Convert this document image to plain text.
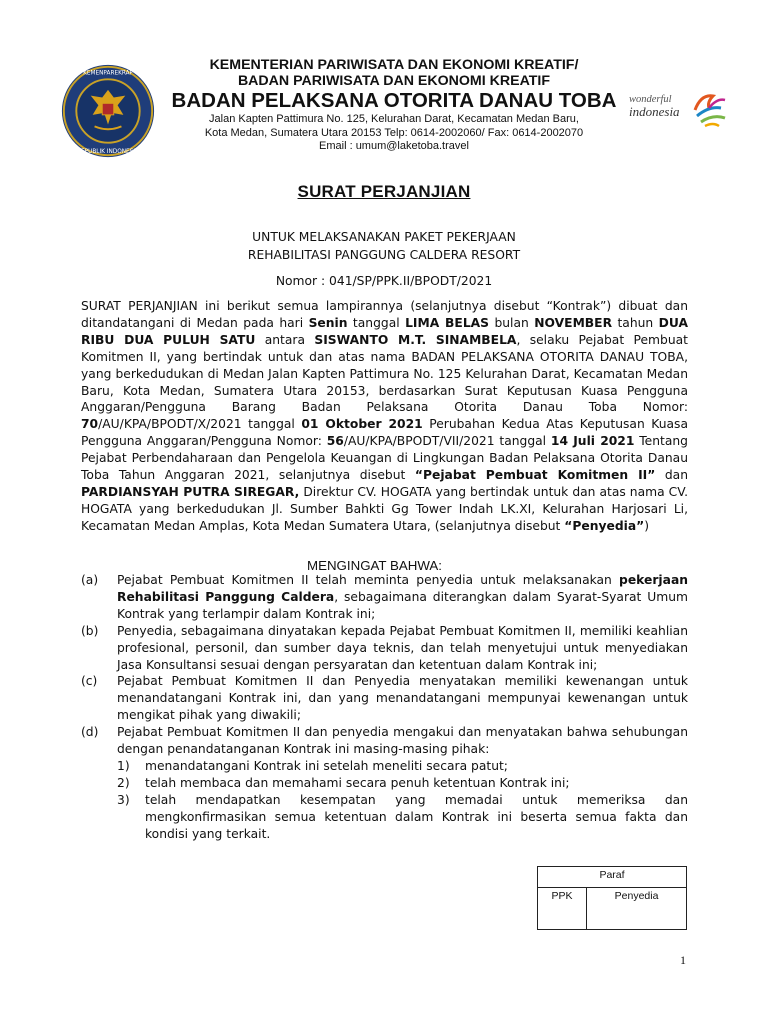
KEMENPAREKRAF
REPUBLIK INDONESIA
KEMENTERIAN PARIWISATA DAN EKONOMI KREATIF/
BADAN PARIWISATA DAN EKONOMI KREATIF
BADAN PELAKSANA OTORITA DANAU TOBA
Jalan Kapten Pattimura No. 125, Kelurahan Darat, Kecamatan Medan Baru,
Kota Medan, Sumatera Utara 20153 Telp: 0614-2002060/ Fax: 0614-2002070
Email : umum@laketoba.travel
wonderful
indonesia
SURAT PERJANJIAN
UNTUK MELAKSANAKAN PAKET PEKERJAAN
REHABILITASI PANGGUNG CALDERA RESORT
Nomor : 041/SP/PPK.II/BPODT/2021

SURAT PERJANJIAN ini berikut semua lampirannya (selanjutnya disebut “Kontrak”) dibuat dan ditandatangani di Medan pada hari Senin tanggal LIMA BELAS bulan NOVEMBER tahun DUA RIBU DUA PULUH SATU antara SISWANTO M.T. SINAMBELA, selaku Pejabat Pembuat Komitmen II, yang bertindak untuk dan atas nama BADAN PELAKSANA OTORITA DANAU TOBA, yang berkedudukan di Medan Jalan Kapten Pattimura No. 125 Kelurahan Darat, Kecamatan Medan Baru, Kota Medan, Sumatera Utara 20153, berdasarkan Surat Keputusan Kuasa Pengguna Anggaran/Pengguna Barang Badan Pelaksana Otorita Danau Toba Nomor: 70/AU/KPA/BPODT/X/2021 tanggal 01 Oktober 2021 Perubahan Kedua Atas Keputusan Kuasa Pengguna Anggaran/Pengguna Nomor: 56/AU/KPA/BPODT/VII/2021 tanggal 14 Juli 2021 Tentang Pejabat Perbendaharaan dan Pengelola Keuangan di Lingkungan Badan Pelaksana Otorita Danau Toba Tahun Anggaran 2021, selanjutnya disebut “Pejabat Pembuat Komitmen II” dan PARDIANSYAH PUTRA SIREGAR, Direktur CV. HOGATA yang bertindak untuk dan atas nama CV. HOGATA yang berkedudukan Jl. Sumber Bahkti Gg Tower Indah LK.XI, Kelurahan Harjosari Li, Kecamatan Medan Amplas, Kota Medan Sumatera Utara, (selanjutnya disebut “Penyedia”)

MENGINGAT BAHWA:
(a) Pejabat Pembuat Komitmen II telah meminta penyedia untuk melaksanakan pekerjaan Rehabilitasi Panggung Caldera, sebagaimana diterangkan dalam Syarat-Syarat Umum Kontrak yang terlampir dalam Kontrak ini;
(b) Penyedia, sebagaimana dinyatakan kepada Pejabat Pembuat Komitmen II, memiliki keahlian profesional, personil, dan sumber daya teknis, dan telah menyetujui untuk menyediakan Jasa Konsultansi sesuai dengan persyaratan dan ketentuan dalam Kontrak ini;
(c) Pejabat Pembuat Komitmen II dan Penyedia menyatakan memiliki kewenangan untuk menandatangani Kontrak ini, dan yang menandatangani mempunyai kewenangan untuk mengikat pihak yang diwakili;
(d) Pejabat Pembuat Komitmen II dan penyedia mengakui dan menyatakan bahwa sehubungan dengan penandatanganan Kontrak ini masing-masing pihak:
1) menandatangani Kontrak ini setelah meneliti secara patut;
2) telah membaca dan memahami secara penuh ketentuan Kontrak ini;
3) telah mendapatkan kesempatan yang memadai untuk memeriksa dan mengkonfirmasikan semua ketentuan dalam Kontrak ini beserta semua fakta dan kondisi yang terkait.
Paraf
PPK	Penyedia
1
